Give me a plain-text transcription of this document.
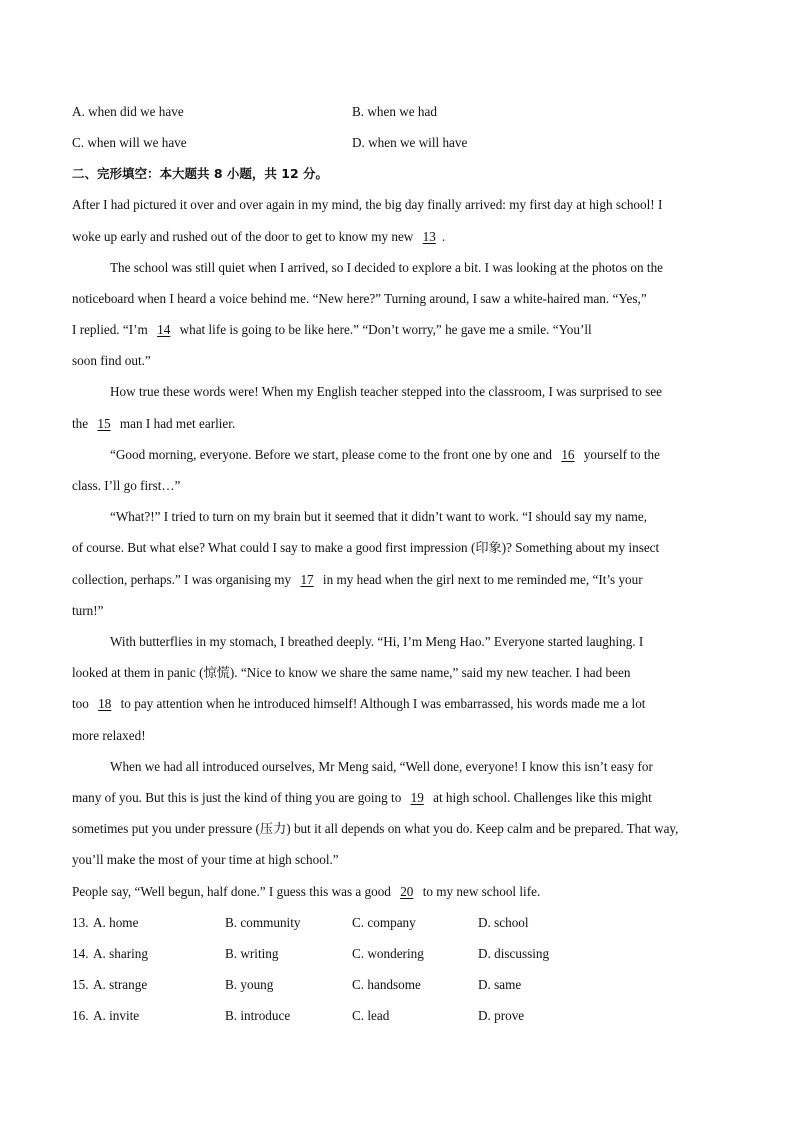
A. when did we have	B. when we had
C. when will we have	D. when we will have
二、完形填空：本大题共 8 小题，共 12 分。
After I had pictured it over and over again in my mind, the big day finally arrived: my first day at high school! I
woke up early and rushed out of the door to get to know my new 13 .
The school was still quiet when I arrived, so I decided to explore a bit. I was looking at the photos on the
noticeboard when I heard a voice behind me. “New here?” Turning around, I saw a white-haired man. “Yes,”
I replied. “I’m 14 what life is going to be like here.” “Don’t worry,” he gave me a smile. “You’ll
soon find out.”
How true these words were! When my English teacher stepped into the classroom, I was surprised to see
the 15 man I had met earlier.
“Good morning, everyone. Before we start, please come to the front one by one and 16 yourself to the
class. I’ll go first…”
“What?!” I tried to turn on my brain but it seemed that it didn’t want to work. “I should say my name,
of course. But what else? What could I say to make a good first impression (印象)? Something about my insect
collection, perhaps.” I was organising my 17 in my head when the girl next to me reminded me, “It’s your
turn!”
With butterflies in my stomach, I breathed deeply. “Hi, I’m Meng Hao.” Everyone started laughing. I
looked at them in panic (惊慌). “Nice to know we share the same name,” said my new teacher. I had been
too 18 to pay attention when he introduced himself! Although I was embarrassed, his words made me a lot
more relaxed!
When we had all introduced ourselves, Mr Meng said, “Well done, everyone! I know this isn’t easy for
many of you. But this is just the kind of thing you are going to 19 at high school. Challenges like this might
sometimes put you under pressure (压力) but it all depends on what you do. Keep calm and be prepared. That way,
you’ll make the most of your time at high school.”
People say, “Well begun, half done.” I guess this was a good 20 to my new school life.
13. A. home	B. community	C. company	D. school
14. A. sharing	B. writing	C. wondering	D. discussing
15. A. strange	B. young	C. handsome	D. same
16. A. invite	B. introduce	C. lead	D. prove
